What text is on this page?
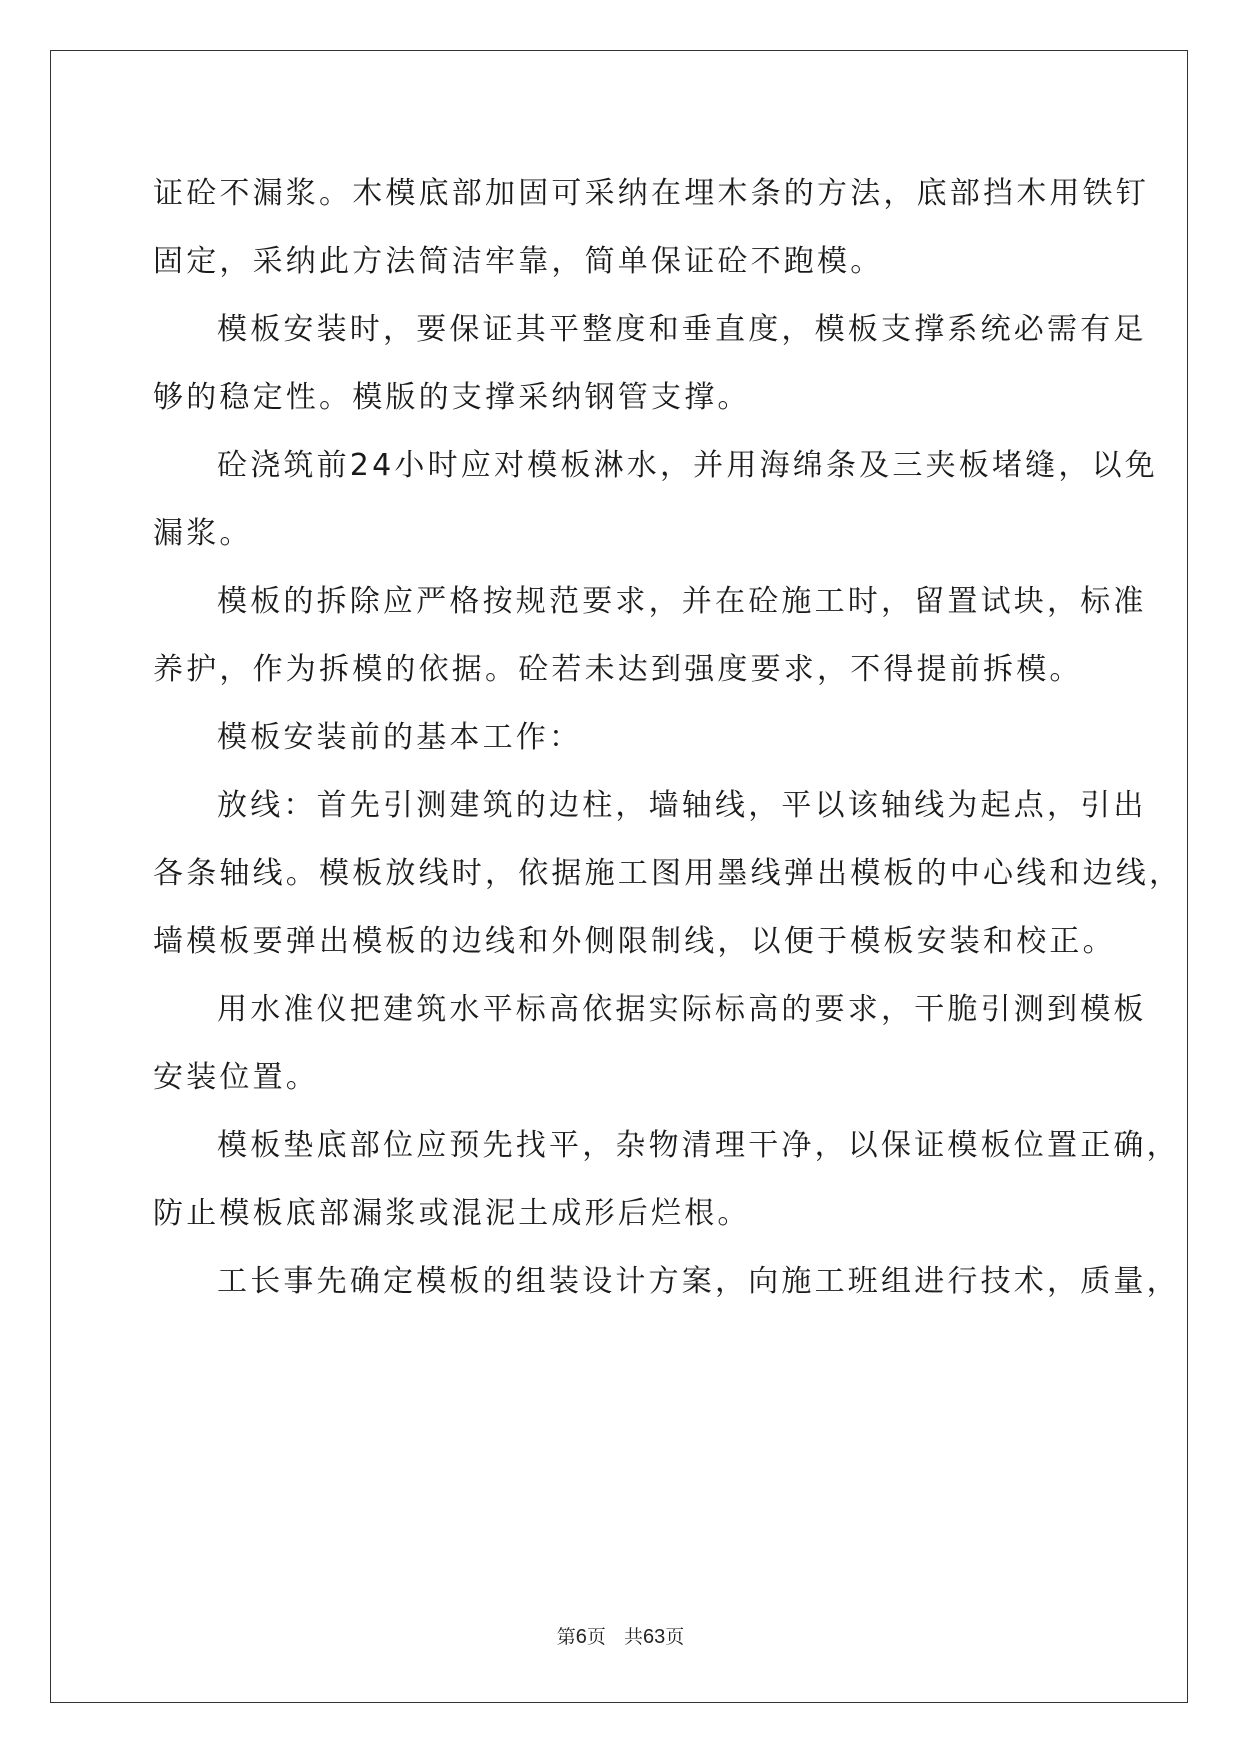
证砼不漏浆。木模底部加固可采纳在埋木条的方法，底部挡木用铁钉
固定，采纳此方法简洁牢靠，简单保证砼不跑模。
模板安装时，要保证其平整度和垂直度，模板支撑系统必需有足
够的稳定性。模版的支撑采纳钢管支撑。
砼浇筑前24小时应对模板淋水，并用海绵条及三夹板堵缝，以免
漏浆。
模板的拆除应严格按规范要求，并在砼施工时，留置试块，标准
养护，作为拆模的依据。砼若未达到强度要求，不得提前拆模。
模板安装前的基本工作：
放线：首先引测建筑的边柱，墙轴线，平以该轴线为起点，引出
各条轴线。模板放线时，依据施工图用墨线弹出模板的中心线和边线，
墙模板要弹出模板的边线和外侧限制线，以便于模板安装和校正。
用水准仪把建筑水平标高依据实际标高的要求，干脆引测到模板
安装位置。
模板垫底部位应预先找平，杂物清理干净，以保证模板位置正确，
防止模板底部漏浆或混泥土成形后烂根。
工长事先确定模板的组装设计方案，向施工班组进行技术，质量，
第6页 共63页
